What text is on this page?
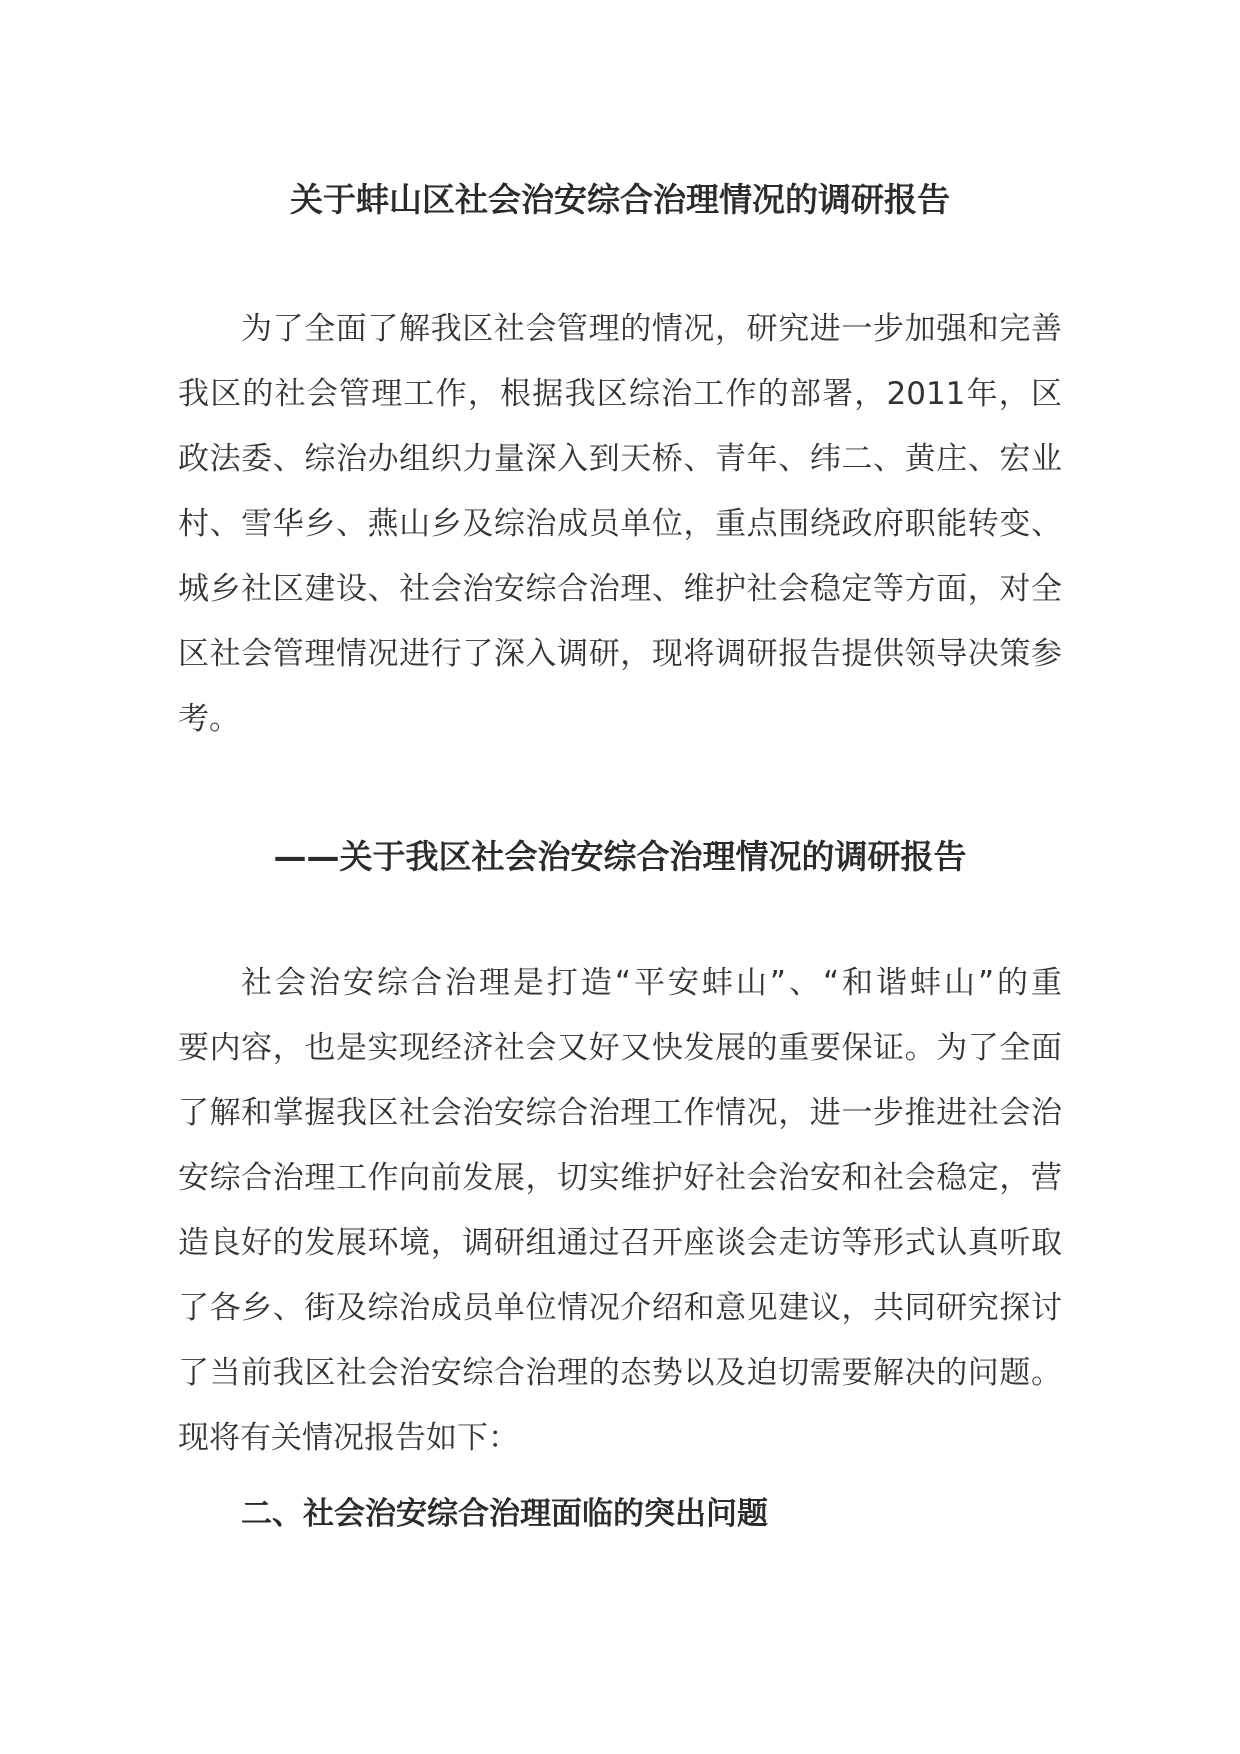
关于蚌山区社会治安综合治理情况的调研报告
为了全面了解我区社会管理的情况，研究进一步加强和完善
我区的社会管理工作，根据我区综治工作的部署，2011年，区
政法委、综治办组织力量深入到天桥、青年、纬二、黄庄、宏业
村、雪华乡、燕山乡及综治成员单位，重点围绕政府职能转变、
城乡社区建设、社会治安综合治理、维护社会稳定等方面，对全
区社会管理情况进行了深入调研，现将调研报告提供领导决策参
考。
——关于我区社会治安综合治理情况的调研报告
社会治安综合治理是打造“平安蚌山”、“和谐蚌山”的重
要内容，也是实现经济社会又好又快发展的重要保证。为了全面
了解和掌握我区社会治安综合治理工作情况，进一步推进社会治
安综合治理工作向前发展，切实维护好社会治安和社会稳定，营
造良好的发展环境，调研组通过召开座谈会走访等形式认真听取
了各乡、街及综治成员单位情况介绍和意见建议，共同研究探讨
了当前我区社会治安综合治理的态势以及迫切需要解决的问题。
现将有关情况报告如下：
二、社会治安综合治理面临的突出问题
